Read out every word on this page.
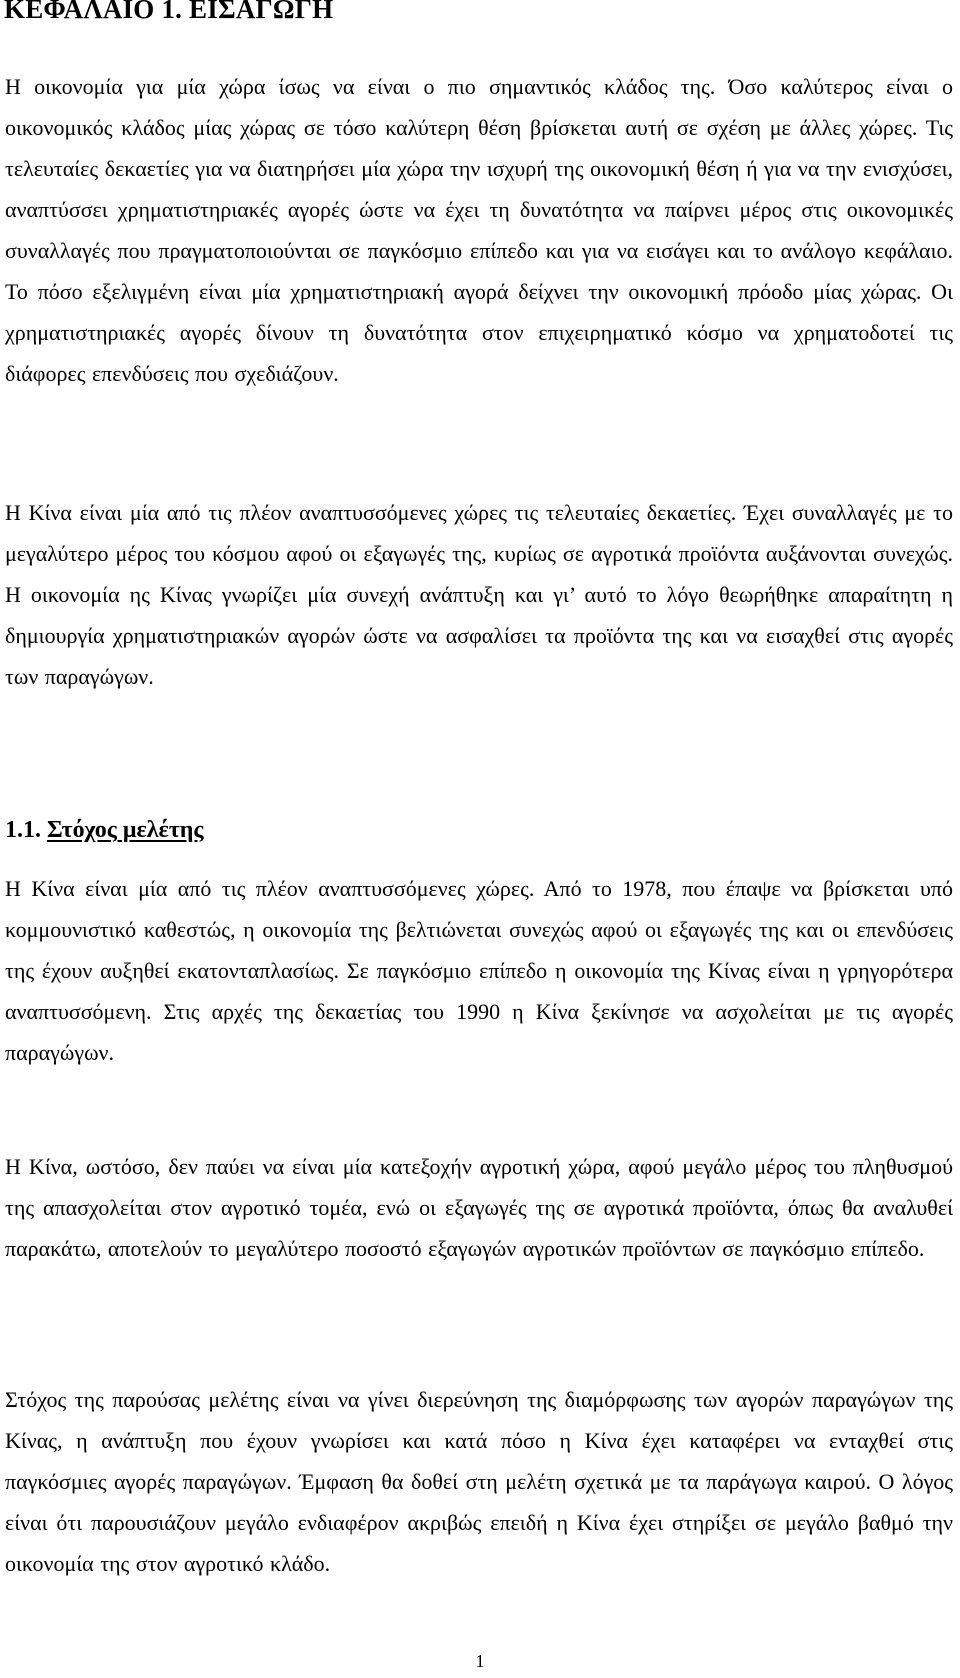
ΚΕΦΑΛΑΙΟ 1. ΕΙΣΑΓΩΓΗ

Η οικονομία για μία χώρα ίσως να είναι ο πιο σημαντικός κλάδος της. Όσο καλύτερος είναι ο οικονομικός κλάδος μίας χώρας σε τόσο καλύτερη θέση βρίσκεται αυτή σε σχέση με άλλες χώρες. Τις τελευταίες δεκαετίες για να διατηρήσει μία χώρα την ισχυρή της οικονομική θέση ή για να την ενισχύσει, αναπτύσσει χρηματιστηριακές αγορές ώστε να έχει τη δυνατότητα να παίρνει μέρος στις οικονομικές συναλλαγές που πραγματοποιούνται σε παγκόσμιο επίπεδο και για να εισάγει και το ανάλογο κεφάλαιο. Το πόσο εξελιγμένη είναι μία χρηματιστηριακή αγορά δείχνει την οικονομική πρόοδο μίας χώρας. Οι χρηματιστηριακές αγορές δίνουν τη δυνατότητα στον επιχειρηματικό κόσμο να χρηματοδοτεί τις διάφορες επενδύσεις που σχεδιάζουν.

Η Κίνα είναι μία από τις πλέον αναπτυσσόμενες χώρες τις τελευταίες δεκαετίες. Έχει συναλλαγές με το μεγαλύτερο μέρος του κόσμου αφού οι εξαγωγές της, κυρίως σε αγροτικά προϊόντα αυξάνονται συνεχώς. Η οικονομία ης Κίνας γνωρίζει μία συνεχή ανάπτυξη και γι’ αυτό το λόγο θεωρήθηκε απαραίτητη η δημιουργία χρηματιστηριακών αγορών ώστε να ασφαλίσει τα προϊόντα της και να εισαχθεί στις αγορές των παραγώγων.

1.1. Στόχος μελέτης

Η Κίνα είναι μία από τις πλέον αναπτυσσόμενες χώρες. Από το 1978, που έπαψε να βρίσκεται υπό κομμουνιστικό καθεστώς, η οικονομία της βελτιώνεται συνεχώς αφού οι εξαγωγές της και οι επενδύσεις της έχουν αυξηθεί εκατονταπλασίως. Σε παγκόσμιο επίπεδο η οικονομία της Κίνας είναι η γρηγορότερα αναπτυσσόμενη. Στις αρχές της δεκαετίας του 1990 η Κίνα ξεκίνησε να ασχολείται με τις αγορές παραγώγων.

Η Κίνα, ωστόσο, δεν παύει να είναι μία κατεξοχήν αγροτική χώρα, αφού μεγάλο μέρος του πληθυσμού της απασχολείται στον αγροτικό τομέα, ενώ οι εξαγωγές της σε αγροτικά προϊόντα, όπως θα αναλυθεί παρακάτω, αποτελούν το μεγαλύτερο ποσοστό εξαγωγών αγροτικών προϊόντων σε παγκόσμιο επίπεδο.

Στόχος της παρούσας μελέτης είναι να γίνει διερεύνηση της διαμόρφωσης των αγορών παραγώγων της Κίνας, η ανάπτυξη που έχουν γνωρίσει και κατά πόσο η Κίνα έχει καταφέρει να ενταχθεί στις παγκόσμιες αγορές παραγώγων. Έμφαση θα δοθεί στη μελέτη σχετικά με τα παράγωγα καιρού. Ο λόγος είναι ότι παρουσιάζουν μεγάλο ενδιαφέρον ακριβώς επειδή η Κίνα έχει στηρίξει σε μεγάλο βαθμό την οικονομία της στον αγροτικό κλάδο.

1
